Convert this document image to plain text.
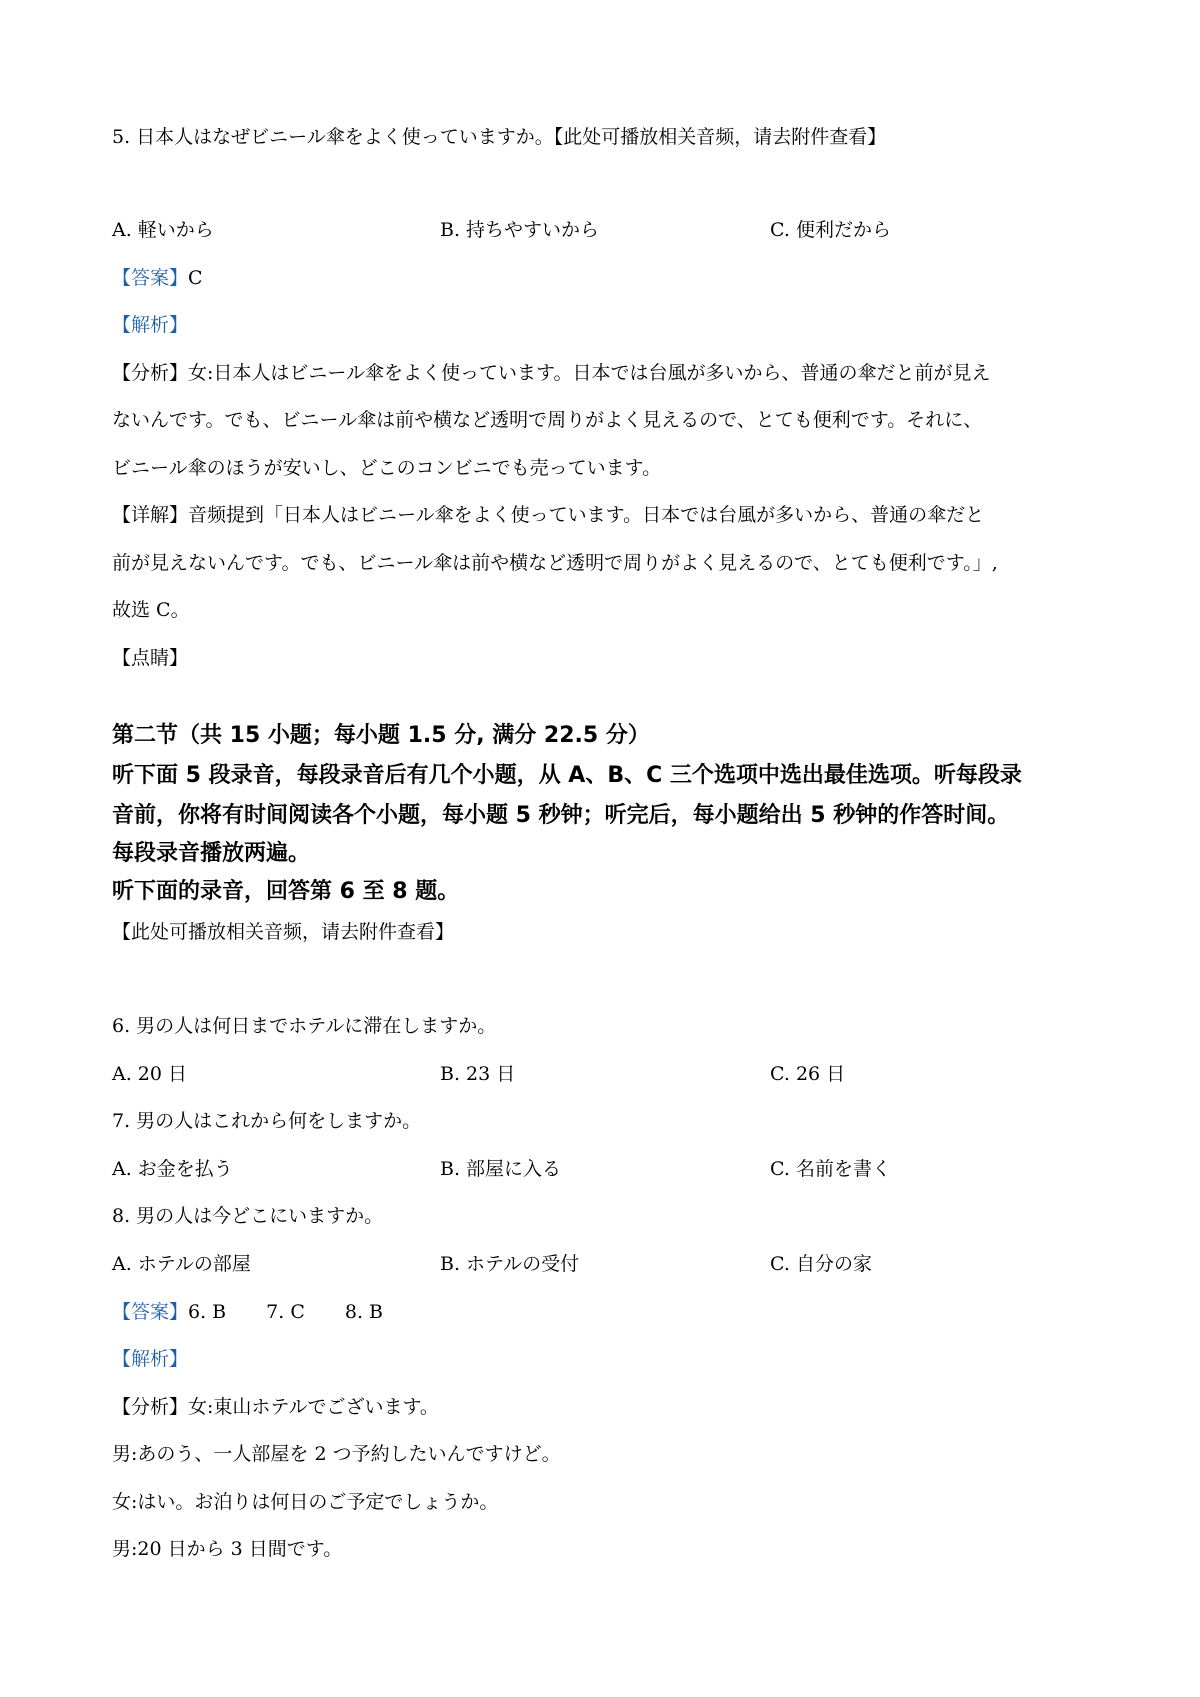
5. 日本人はなぜビニール傘をよく使っていますか。【此处可播放相关音频，请去附件查看】
A. 軽いから	B. 持ちやすいから	C. 便利だから
【答案】C
【解析】
【分析】女:日本人はビニール傘をよく使っています。日本では台風が多いから、普通の傘だと前が見え
ないんです。でも、ビニール傘は前や横など透明で周りがよく見えるので、とても便利です。それに、
ビニール傘のほうが安いし、どこのコンビニでも売っています。
【详解】音频提到「日本人はビニール傘をよく使っています。日本では台風が多いから、普通の傘だと
前が見えないんです。でも、ビニール傘は前や横など透明で周りがよく見えるので、とても便利です。」,
故选 C。
【点睛】
第二节（共 15 小题；每小题 1.5 分, 满分 22.5 分）
听下面 5 段录音，每段录音后有几个小题，从 A、B、C 三个选项中选出最佳选项。听每段录
音前，你将有时间阅读各个小题，每小题 5 秒钟；听完后，每小题给出 5 秒钟的作答时间。
每段录音播放两遍。
听下面的录音，回答第 6 至 8 题。
【此处可播放相关音频，请去附件查看】
6. 男の人は何日までホテルに滞在しますか。
A. 20 日	B. 23 日	C. 26 日
7. 男の人はこれから何をしますか。
A. お金を払う	B. 部屋に入る	C. 名前を書く
8. 男の人は今どこにいますか。
A. ホテルの部屋	B. ホテルの受付	C. 自分の家
【答案】6. B 7. C 8. B
【解析】
【分析】女:東山ホテルでございます。
男:あのう、一人部屋を 2 つ予約したいんですけど。
女:はい。お泊りは何日のご予定でしょうか。
男:20 日から 3 日間です。
